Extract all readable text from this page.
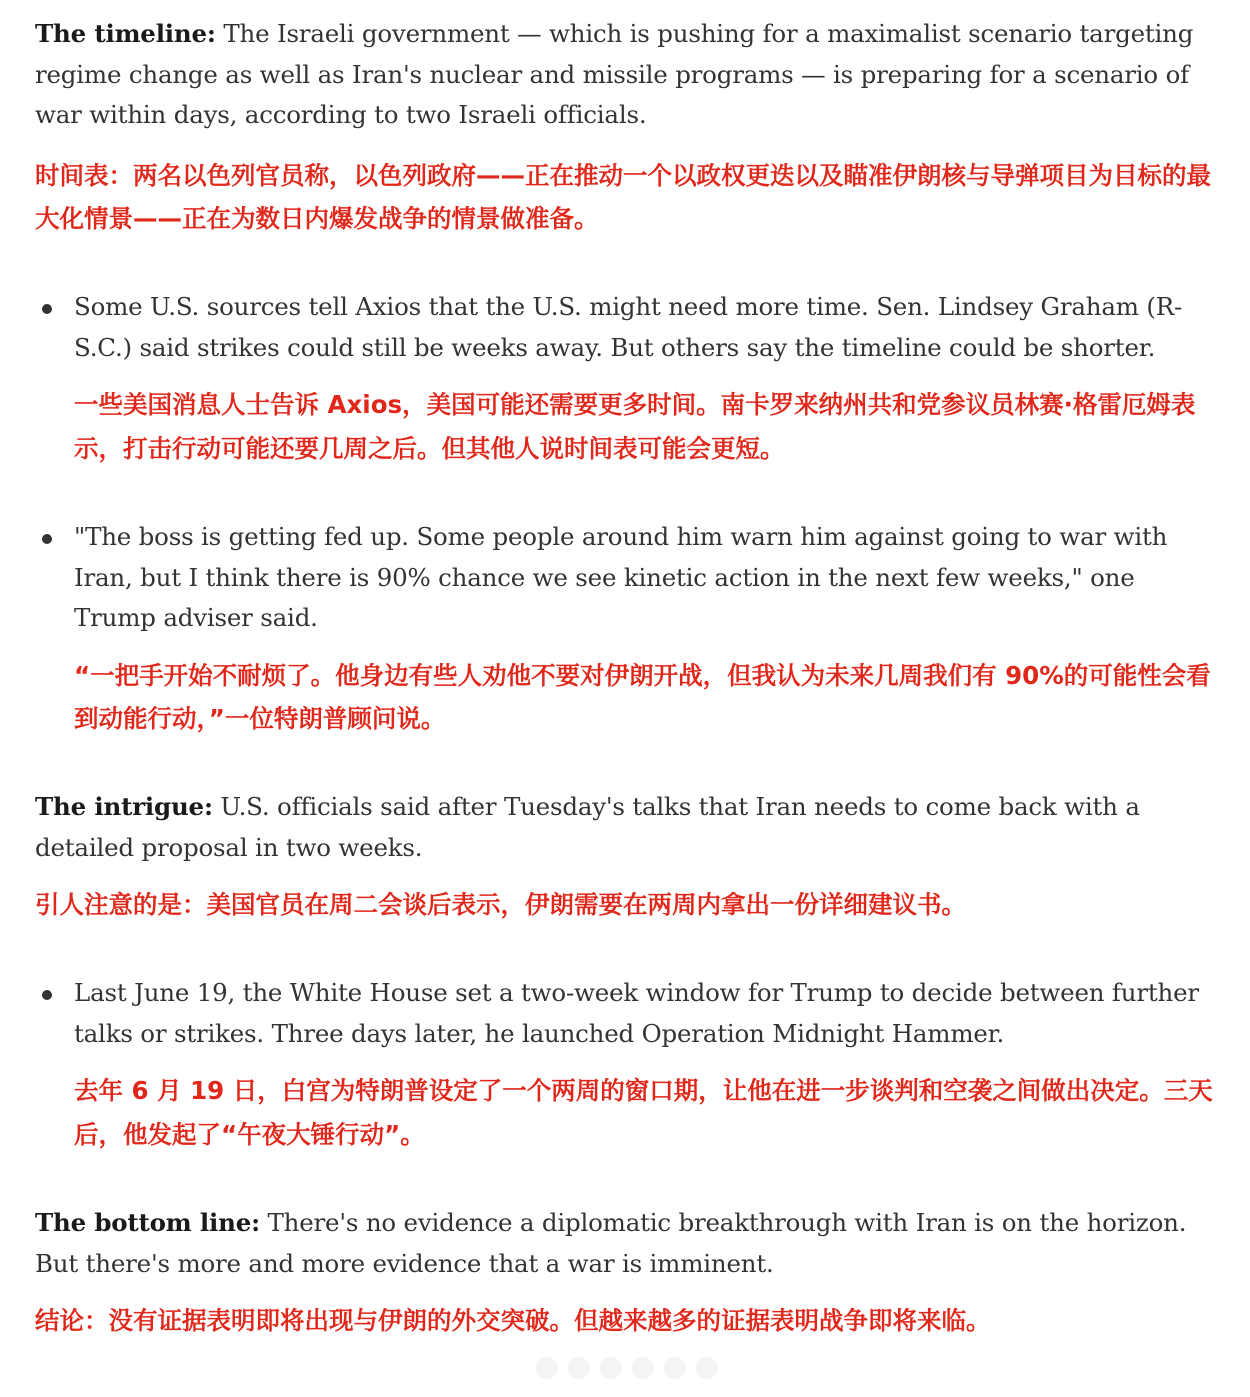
The timeline: The Israeli government — which is pushing for a maximalist scenario targeting regime change as well as Iran's nuclear and missile programs — is preparing for a scenario of war within days, according to two Israeli officials.

时间表：两名以色列官员称，以色列政府——正在推动一个以政权更迭以及瞄准伊朗核与导弹项目为目标的最大化情景——正在为数日内爆发战争的情景做准备。

Some U.S. sources tell Axios that the U.S. might need more time. Sen. Lindsey Graham (R-S.C.) said strikes could still be weeks away. But others say the timeline could be shorter.

一些美国消息人士告诉 Axios，美国可能还需要更多时间。南卡罗来纳州共和党参议员林赛·格雷厄姆表示，打击行动可能还要几周之后。但其他人说时间表可能会更短。

"The boss is getting fed up. Some people around him warn him against going to war with Iran, but I think there is 90% chance we see kinetic action in the next few weeks," one Trump adviser said.

“一把手开始不耐烦了。他身边有些人劝他不要对伊朗开战，但我认为未来几周我们有 90%的可能性会看到动能行动，”一位特朗普顾问说。

The intrigue: U.S. officials said after Tuesday's talks that Iran needs to come back with a detailed proposal in two weeks.

引人注意的是：美国官员在周二会谈后表示，伊朗需要在两周内拿出一份详细建议书。

Last June 19, the White House set a two-week window for Trump to decide between further talks or strikes. Three days later, he launched Operation Midnight Hammer.

去年 6 月 19 日，白宫为特朗普设定了一个两周的窗口期，让他在进一步谈判和空袭之间做出决定。三天后，他发起了“午夜大锤行动”。

The bottom line: There's no evidence a diplomatic breakthrough with Iran is on the horizon. But there's more and more evidence that a war is imminent.

结论：没有证据表明即将出现与伊朗的外交突破。但越来越多的证据表明战争即将来临。
